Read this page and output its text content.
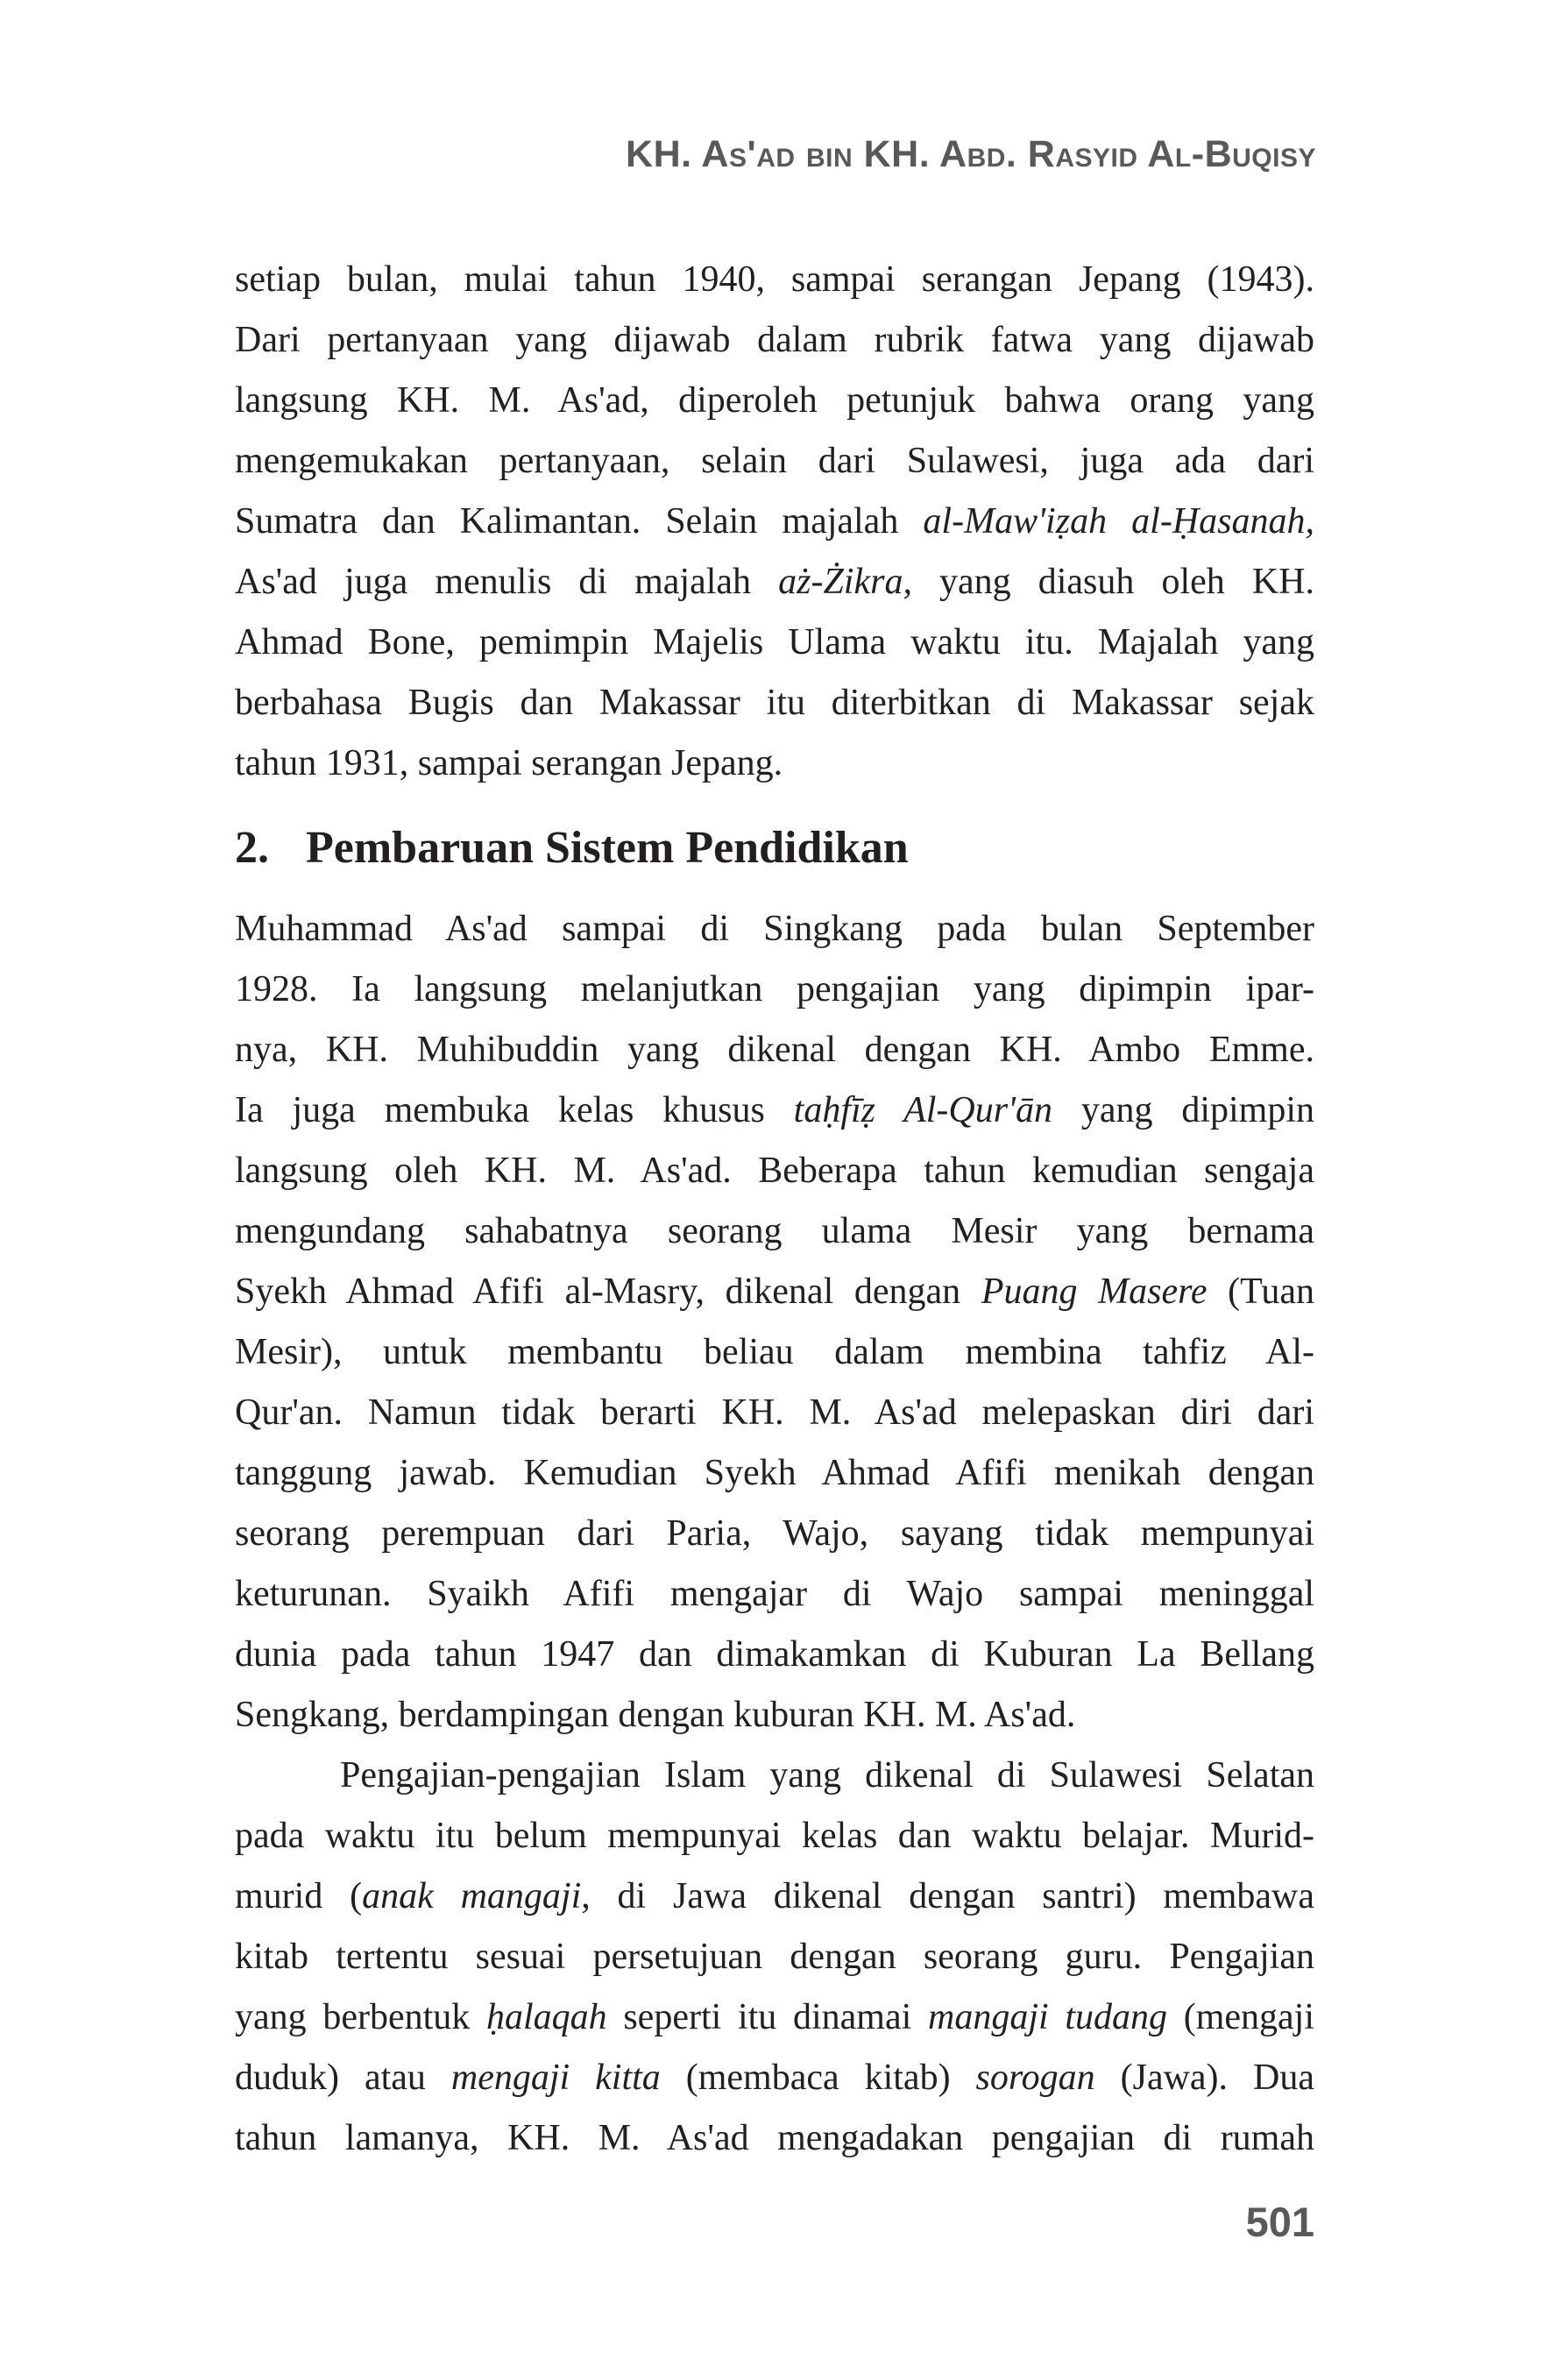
KH. As'ad bin KH. Abd. Rasyid Al-Buqisy
setiap bulan, mulai tahun 1940, sampai serangan Jepang (1943).
Dari pertanyaan yang dijawab dalam rubrik fatwa yang dijawab
langsung KH. M. As'ad, diperoleh petunjuk bahwa orang yang
mengemukakan pertanyaan, selain dari Sulawesi, juga ada dari
Sumatra dan Kalimantan. Selain majalah al-Maw'iẓah al-Ḥasanah,
As'ad juga menulis di majalah aż-Żikra, yang diasuh oleh KH.
Ahmad Bone, pemimpin Majelis Ulama waktu itu. Majalah yang
berbahasa Bugis dan Makassar itu diterbitkan di Makassar sejak
tahun 1931, sampai serangan Jepang.
2. Pembaruan Sistem Pendidikan
Muhammad As'ad sampai di Singkang pada bulan September
1928. Ia langsung melanjutkan pengajian yang dipimpin ipar-
nya, KH. Muhibuddin yang dikenal dengan KH. Ambo Emme.
Ia juga membuka kelas khusus taḥfīẓ Al-Qur'ān yang dipimpin
langsung oleh KH. M. As'ad. Beberapa tahun kemudian sengaja
mengundang sahabatnya seorang ulama Mesir yang bernama
Syekh Ahmad Afifi al-Masry, dikenal dengan Puang Masere (Tuan
Mesir), untuk membantu beliau dalam membina tahfiz Al-
Qur'an. Namun tidak berarti KH. M. As'ad melepaskan diri dari
tanggung jawab. Kemudian Syekh Ahmad Afifi menikah dengan
seorang perempuan dari Paria, Wajo, sayang tidak mempunyai
keturunan. Syaikh Afifi mengajar di Wajo sampai meninggal
dunia pada tahun 1947 dan dimakamkan di Kuburan La Bellang
Sengkang, berdampingan dengan kuburan KH. M. As'ad.
Pengajian-pengajian Islam yang dikenal di Sulawesi Selatan
pada waktu itu belum mempunyai kelas dan waktu belajar. Murid-
murid (anak mangaji, di Jawa dikenal dengan santri) membawa
kitab tertentu sesuai persetujuan dengan seorang guru. Pengajian
yang berbentuk ḥalaqah seperti itu dinamai mangaji tudang (mengaji
duduk) atau mengaji kitta (membaca kitab) sorogan (Jawa). Dua
tahun lamanya, KH. M. As'ad mengadakan pengajian di rumah
501
